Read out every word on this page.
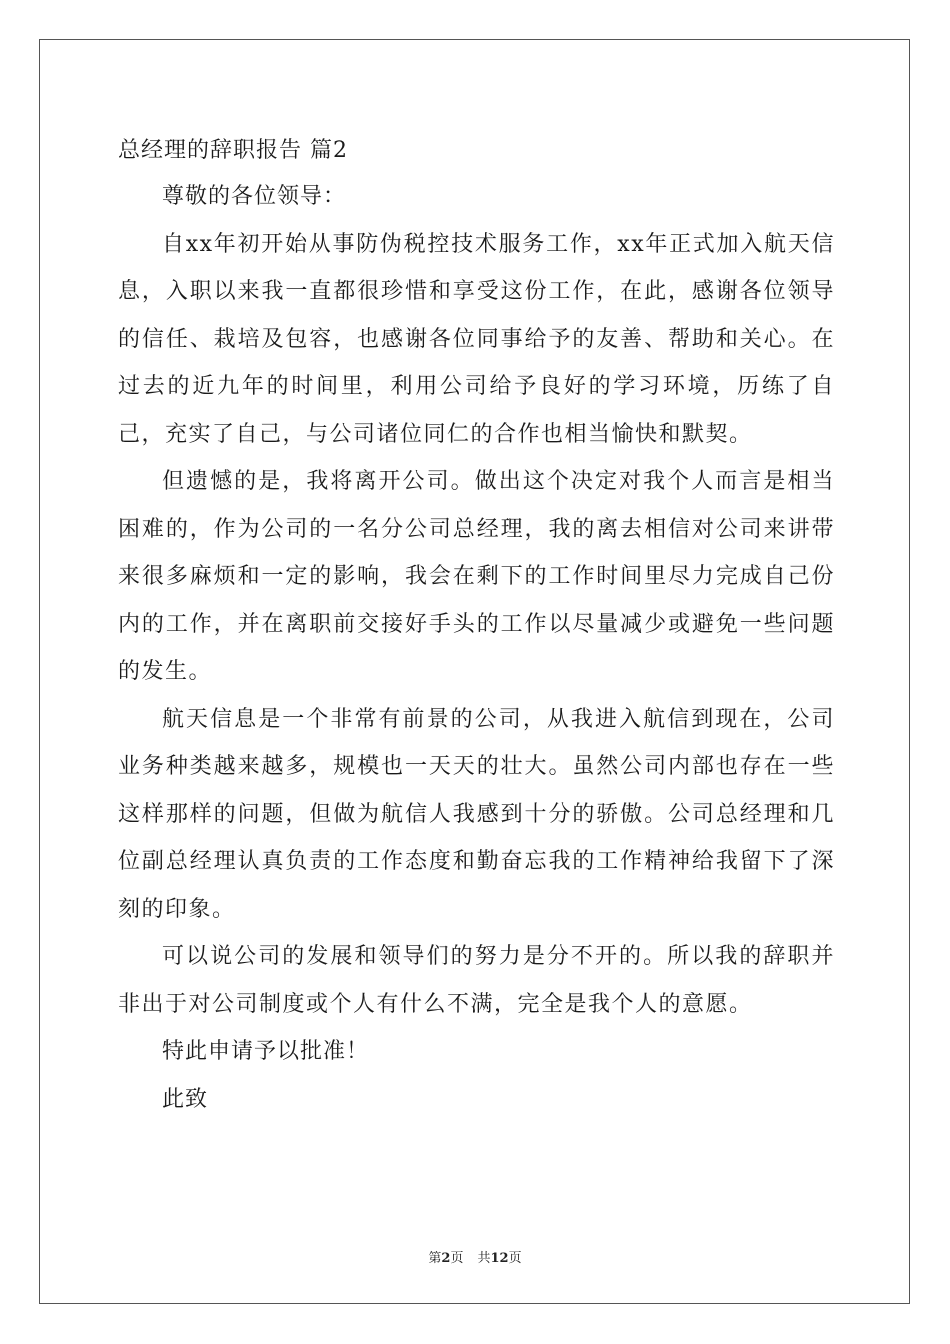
总经理的辞职报告 篇2

尊敬的各位领导：

自xx年初开始从事防伪税控技术服务工作，xx年正式加入航天信息，入职以来我一直都很珍惜和享受这份工作，在此，感谢各位领导的信任、栽培及包容，也感谢各位同事给予的友善、帮助和关心。在过去的近九年的时间里，利用公司给予良好的学习环境，历练了自己，充实了自己，与公司诸位同仁的合作也相当愉快和默契。

但遗憾的是，我将离开公司。做出这个决定对我个人而言是相当困难的，作为公司的一名分公司总经理，我的离去相信对公司来讲带来很多麻烦和一定的影响，我会在剩下的工作时间里尽力完成自己份内的工作，并在离职前交接好手头的工作以尽量减少或避免一些问题的发生。

航天信息是一个非常有前景的公司，从我进入航信到现在，公司业务种类越来越多，规模也一天天的壮大。虽然公司内部也存在一些这样那样的问题，但做为航信人我感到十分的骄傲。公司总经理和几位副总经理认真负责的工作态度和勤奋忘我的工作精神给我留下了深刻的印象。

可以说公司的发展和领导们的努力是分不开的。所以我的辞职并非出于对公司制度或个人有什么不满，完全是我个人的意愿。

特此申请予以批准！

此致

第2页 共12页
